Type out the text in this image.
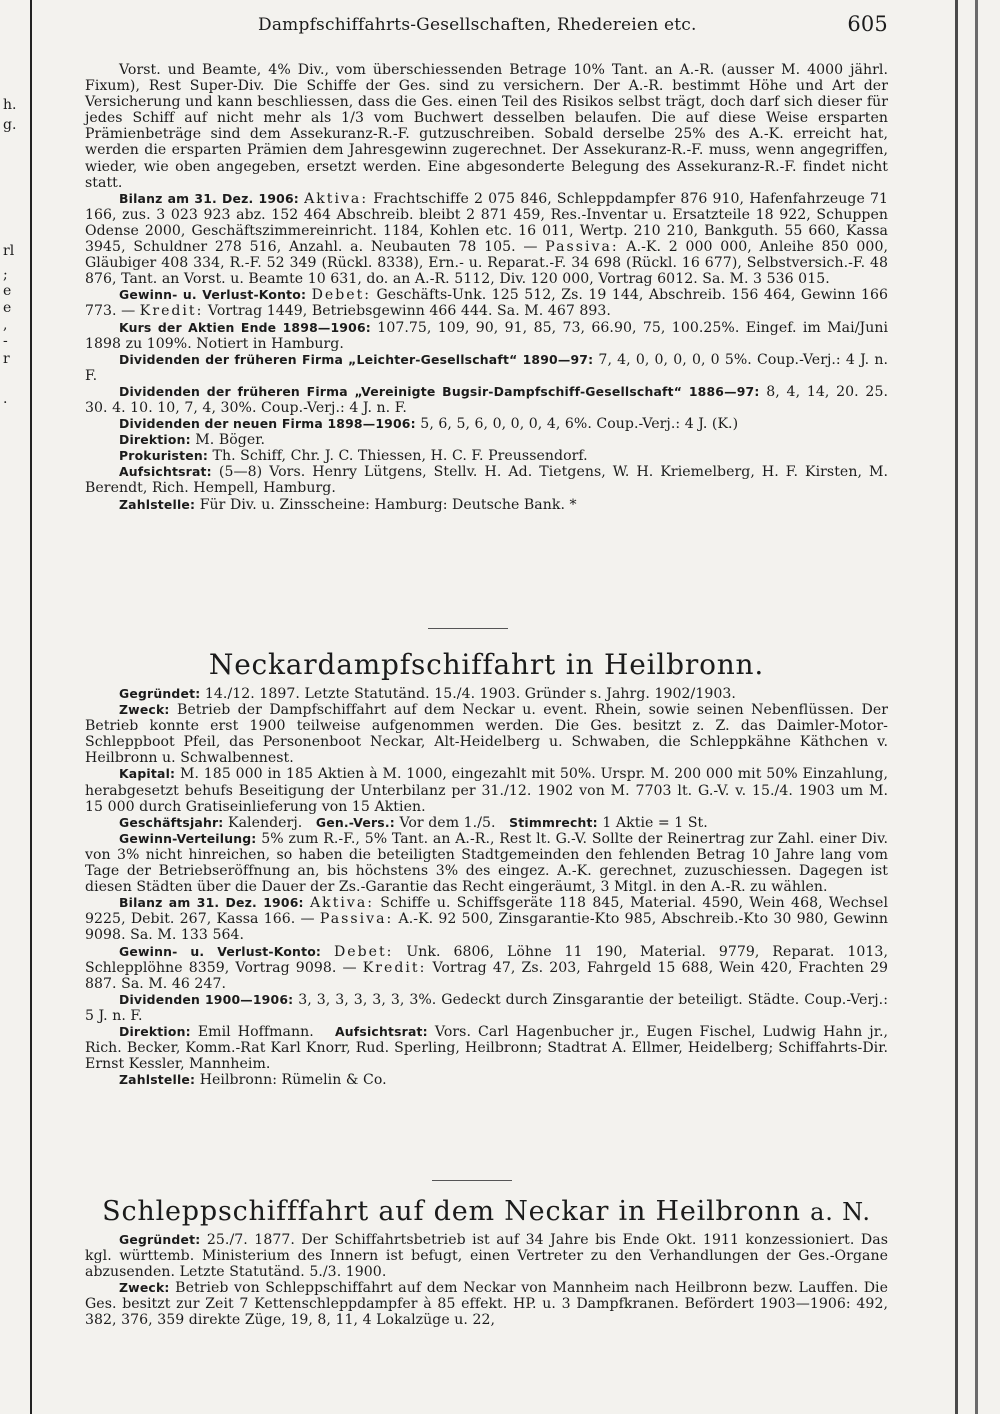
h.
g.
rl
;
e
e
,
-
r
.
Dampfschiffahrts-Gesellschaften, Rhedereien etc.	605

Vorst. und Beamte, 4% Div., vom überschiessenden Betrage 10% Tant. an A.-R. (ausser M. 4000 jährl. Fixum), Rest Super-Div. Die Schiffe der Ges. sind zu versichern. Der A.-R. bestimmt Höhe und Art der Versicherung und kann beschliessen, dass die Ges. einen Teil des Risikos selbst trägt, doch darf sich dieser für jedes Schiff auf nicht mehr als 1/3 vom Buchwert desselben belaufen. Die auf diese Weise ersparten Prämienbeträge sind dem Assekuranz-R.-F. gutzuschreiben. Sobald derselbe 25% des A.-K. erreicht hat, werden die ersparten Prämien dem Jahresgewinn zugerechnet. Der Assekuranz-R.-F. muss, wenn angegriffen, wieder, wie oben angegeben, ersetzt werden. Eine abgesonderte Belegung des Assekuranz-R.-F. findet nicht statt.

Bilanz am 31. Dez. 1906: Aktiva: Frachtschiffe 2 075 846, Schleppdampfer 876 910, Hafenfahrzeuge 71 166, zus. 3 023 923 abz. 152 464 Abschreib. bleibt 2 871 459, Res.-Inventar u. Ersatzteile 18 922, Schuppen Odense 2000, Geschäftszimmereinricht. 1184, Kohlen etc. 16 011, Wertp. 210 210, Bankguth. 55 660, Kassa 3945, Schuldner 278 516, Anzahl. a. Neubauten 78 105. — Passiva: A.-K. 2 000 000, Anleihe 850 000, Gläubiger 408 334, R.-F. 52 349 (Rückl. 8338), Ern.- u. Reparat.-F. 34 698 (Rückl. 16 677), Selbstversich.-F. 48 876, Tant. an Vorst. u. Beamte 10 631, do. an A.-R. 5112, Div. 120 000, Vortrag 6012. Sa. M. 3 536 015.

Gewinn- u. Verlust-Konto: Debet: Geschäfts-Unk. 125 512, Zs. 19 144, Abschreib. 156 464, Gewinn 166 773. — Kredit: Vortrag 1449, Betriebsgewinn 466 444. Sa. M. 467 893.

Kurs der Aktien Ende 1898—1906: 107.75, 109, 90, 91, 85, 73, 66.90, 75, 100.25%. Eingef. im Mai/Juni 1898 zu 109%. Notiert in Hamburg.

Dividenden der früheren Firma „Leichter-Gesellschaft“ 1890—97: 7, 4, 0, 0, 0, 0, 0 5%. Coup.-Verj.: 4 J. n. F.

Dividenden der früheren Firma „Vereinigte Bugsir-Dampfschiff-Gesellschaft“ 1886—97: 8, 4, 14, 20. 25. 30. 4. 10. 10, 7, 4, 30%. Coup.-Verj.: 4 J. n. F.

Dividenden der neuen Firma 1898—1906: 5, 6, 5, 6, 0, 0, 0, 4, 6%. Coup.-Verj.: 4 J. (K.)

Direktion: M. Böger.

Prokuristen: Th. Schiff, Chr. J. C. Thiessen, H. C. F. Preussendorf.

Aufsichtsrat: (5—8) Vors. Henry Lütgens, Stellv. H. Ad. Tietgens, W. H. Kriemelberg, H. F. Kirsten, M. Berendt, Rich. Hempell, Hamburg.

Zahlstelle: Für Div. u. Zinsscheine: Hamburg: Deutsche Bank. *

Neckardampfschiffahrt in Heilbronn.

Gegründet: 14./12. 1897. Letzte Statutänd. 15./4. 1903. Gründer s. Jahrg. 1902/1903.

Zweck: Betrieb der Dampfschiffahrt auf dem Neckar u. event. Rhein, sowie seinen Nebenflüssen. Der Betrieb konnte erst 1900 teilweise aufgenommen werden. Die Ges. besitzt z. Z. das Daimler-Motor-Schleppboot Pfeil, das Personenboot Neckar, Alt-Heidelberg u. Schwaben, die Schleppkähne Käthchen v. Heilbronn u. Schwalbennest.

Kapital: M. 185 000 in 185 Aktien à M. 1000, eingezahlt mit 50%. Urspr. M. 200 000 mit 50% Einzahlung, herabgesetzt behufs Beseitigung der Unterbilanz per 31./12. 1902 von M. 7703 lt. G.-V. v. 15./4. 1903 um M. 15 000 durch Gratiseinlieferung von 15 Aktien.

Geschäftsjahr: Kalenderj. Gen.-Vers.: Vor dem 1./5. Stimmrecht: 1 Aktie = 1 St.

Gewinn-Verteilung: 5% zum R.-F., 5% Tant. an A.-R., Rest lt. G.-V. Sollte der Reinertrag zur Zahl. einer Div. von 3% nicht hinreichen, so haben die beteiligten Stadtgemeinden den fehlenden Betrag 10 Jahre lang vom Tage der Betriebseröffnung an, bis höchstens 3% des eingez. A.-K. gerechnet, zuzuschiessen. Dagegen ist diesen Städten über die Dauer der Zs.-Garantie das Recht eingeräumt, 3 Mitgl. in den A.-R. zu wählen.

Bilanz am 31. Dez. 1906: Aktiva: Schiffe u. Schiffsgeräte 118 845, Material. 4590, Wein 468, Wechsel 9225, Debit. 267, Kassa 166. — Passiva: A.-K. 92 500, Zinsgarantie-Kto 985, Abschreib.-Kto 30 980, Gewinn 9098. Sa. M. 133 564.

Gewinn- u. Verlust-Konto: Debet: Unk. 6806, Löhne 11 190, Material. 9779, Reparat. 1013, Schlepplöhne 8359, Vortrag 9098. — Kredit: Vortrag 47, Zs. 203, Fahrgeld 15 688, Wein 420, Frachten 29 887. Sa. M. 46 247.

Dividenden 1900—1906: 3, 3, 3, 3, 3, 3, 3%. Gedeckt durch Zinsgarantie der beteiligt. Städte. Coup.-Verj.: 5 J. n. F.

Direktion: Emil Hoffmann. Aufsichtsrat: Vors. Carl Hagenbucher jr., Eugen Fischel, Ludwig Hahn jr., Rich. Becker, Komm.-Rat Karl Knorr, Rud. Sperling, Heilbronn; Stadtrat A. Ellmer, Heidelberg; Schiffahrts-Dir. Ernst Kessler, Mannheim.

Zahlstelle: Heilbronn: Rümelin & Co.

Schleppschifffahrt auf dem Neckar in Heilbronn a. N.

Gegründet: 25./7. 1877. Der Schiffahrtsbetrieb ist auf 34 Jahre bis Ende Okt. 1911 konzessioniert. Das kgl. württemb. Ministerium des Innern ist befugt, einen Vertreter zu den Verhandlungen der Ges.-Organe abzusenden. Letzte Statutänd. 5./3. 1900.

Zweck: Betrieb von Schleppschiffahrt auf dem Neckar von Mannheim nach Heilbronn bezw. Lauffen. Die Ges. besitzt zur Zeit 7 Kettenschleppdampfer à 85 effekt. HP. u. 3 Dampfkranen. Befördert 1903—1906: 492, 382, 376, 359 direkte Züge, 19, 8, 11, 4 Lokalzüge u. 22,
